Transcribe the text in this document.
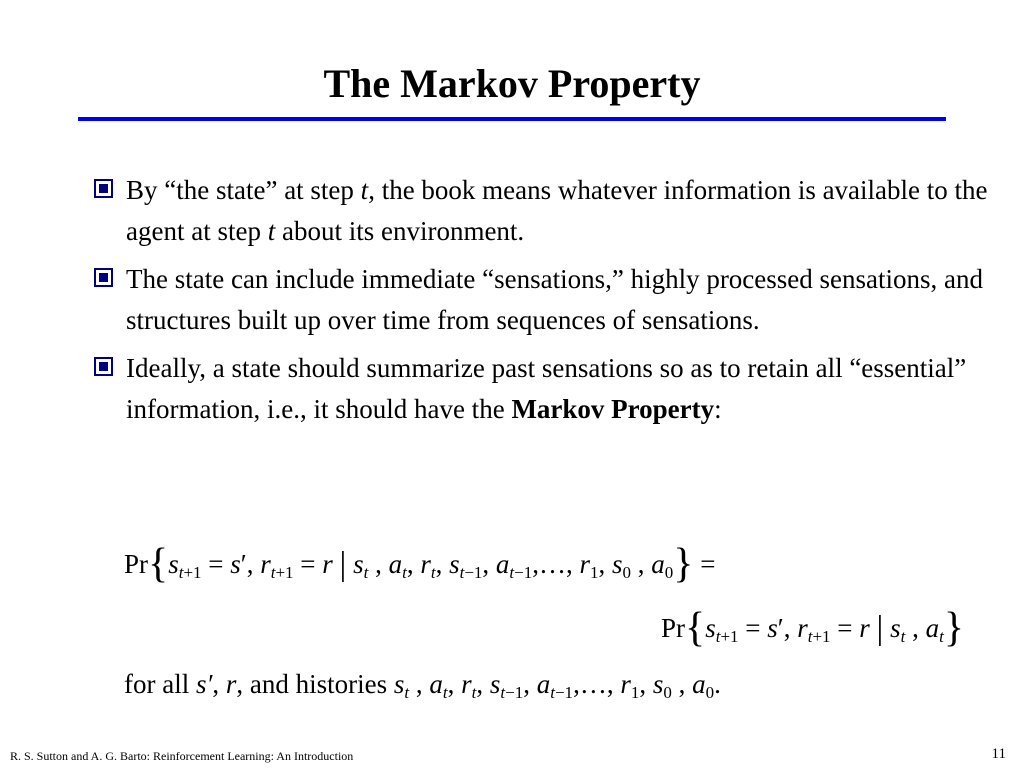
The Markov Property
By “the state” at step t, the book means whatever information is available to the agent at step t about its environment.
The state can include immediate “sensations,” highly processed sensations, and structures built up over time from sequences of sensations.
Ideally, a state should summarize past sensations so as to retain all “essential” information, i.e., it should have the Markov Property:
$Pr\{s_{t+1} = s'$, $r_{t+1} = r$ | $s_t$ , $a_t$, $r_t$, $s_{t-1}$, $a_{t-1},\dots$, $r_1$, $s_0$ , $a_0$} =
$Pr\{s_{t+1} = s'$, $r_{t+1} = r$ | $s_t$ , $a_t$}
for all s′, r, and histories $s_t$ , $a_t$, $r_t$, $s_{t-1}$, $a_{t-1},\dots$, $r_1$, $s_0$ , $a_0$.
R. S. Sutton and A. G. Barto: Reinforcement Learning: An Introduction	11
